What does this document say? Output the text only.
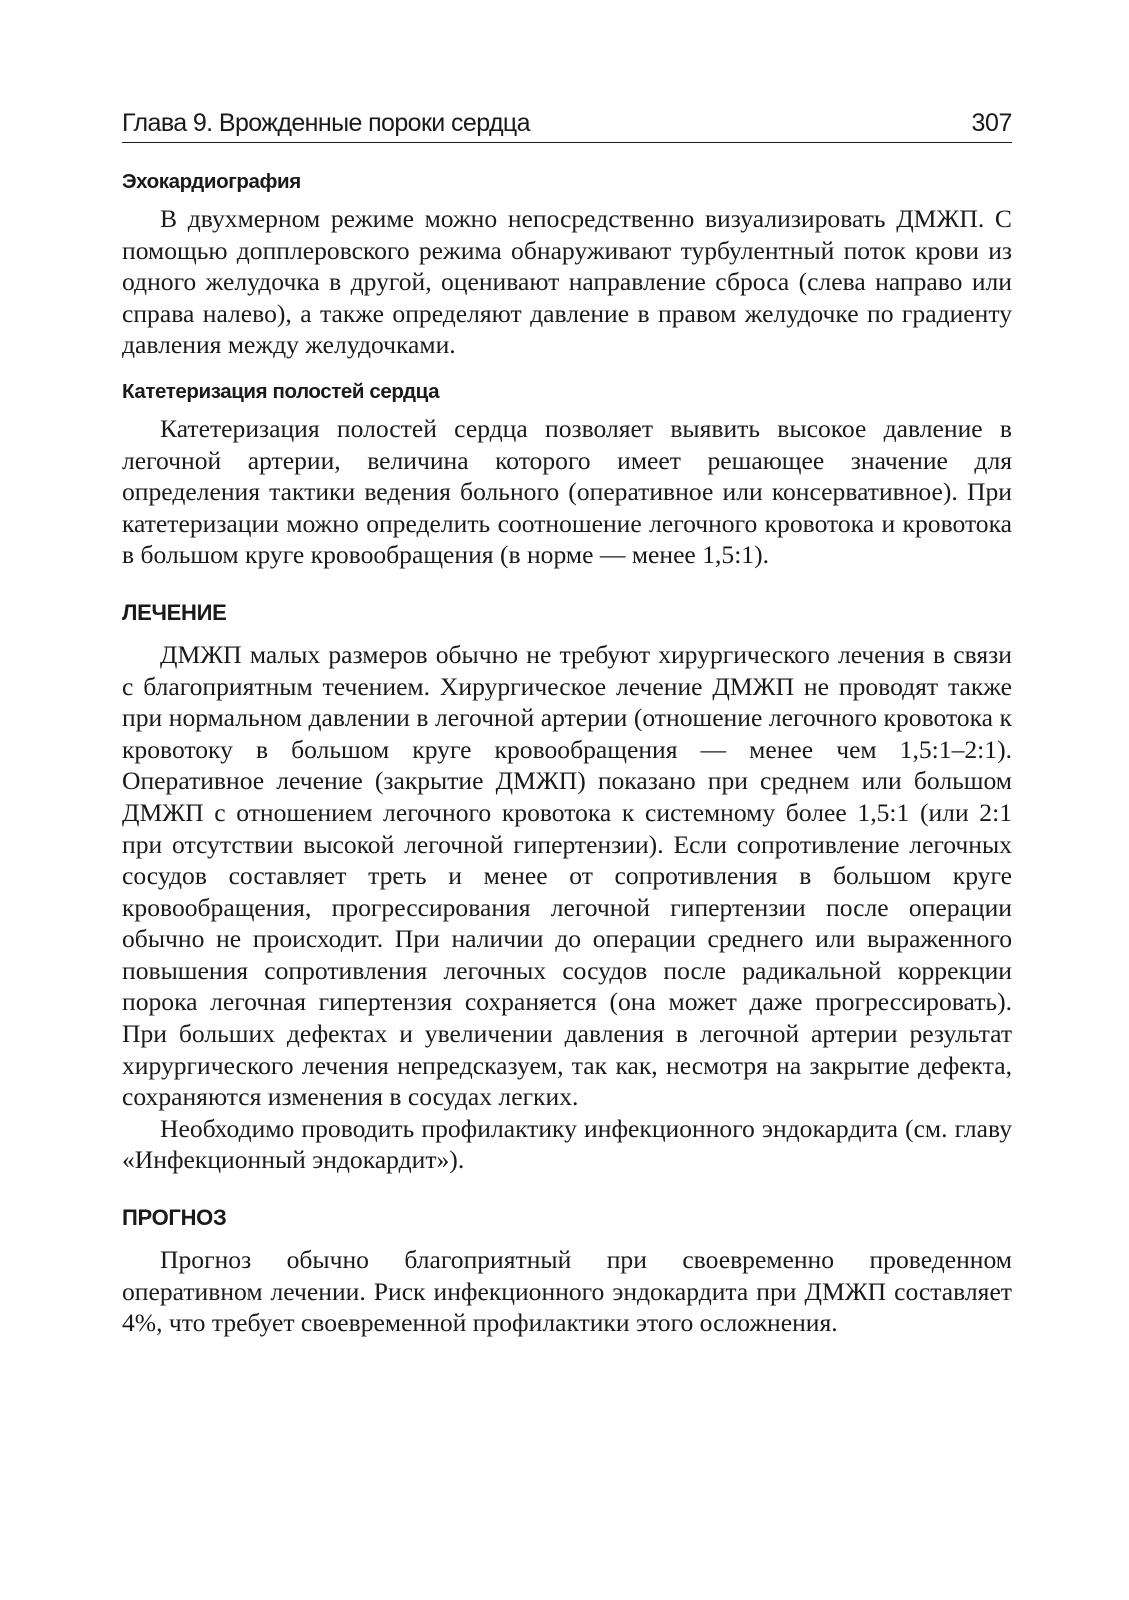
Глава 9. Врожденные пороки сердца	307
Эхокардиография

В двухмерном режиме можно непосредственно визуализировать ДМЖП. С помощью допплеровского режима обнаруживают турбулентный поток крови из одного желудочка в другой, оценивают направление сброса (слева направо или справа налево), а также определяют давление в правом желудочке по градиенту давления между желудочками.

Катетеризация полостей сердца

Катетеризация полостей сердца позволяет выявить высокое давление в легочной артерии, величина которого имеет решающее значение для определения тактики ведения больного (оперативное или консервативное). При катетеризации можно определить соотношение легочного кровотока и кровотока в большом круге кровообращения (в норме — менее 1,5:1).

ЛЕЧЕНИЕ

ДМЖП малых размеров обычно не требуют хирургического лечения в связи с благоприятным течением. Хирургическое лечение ДМЖП не проводят также при нормальном давлении в легочной артерии (отношение легочного кровотока к кровотоку в большом круге кровообращения — менее чем 1,5:1–2:1). Оперативное лечение (закрытие ДМЖП) показано при среднем или большом ДМЖП с отношением легочного кровотока к системному более 1,5:1 (или 2:1 при отсутствии высокой легочной гипертензии). Если сопротивление легочных сосудов составляет треть и менее от сопротивления в большом круге кровообращения, прогрессирования легочной гипертензии после операции обычно не происходит. При наличии до операции среднего или выраженного повышения сопротивления легочных сосудов после радикальной коррекции порока легочная гипертензия сохраняется (она может даже прогрессировать). При больших дефектах и увеличении давления в легочной артерии результат хирургического лечения непредсказуем, так как, несмотря на закрытие дефекта, сохраняются изменения в сосудах легких.

Необходимо проводить профилактику инфекционного эндокардита (см. главу «Инфекционный эндокардит»).

ПРОГНОЗ

Прогноз обычно благоприятный при своевременно проведенном оперативном лечении. Риск инфекционного эндокардита при ДМЖП составляет 4%, что требует своевременной профилактики этого осложнения.
